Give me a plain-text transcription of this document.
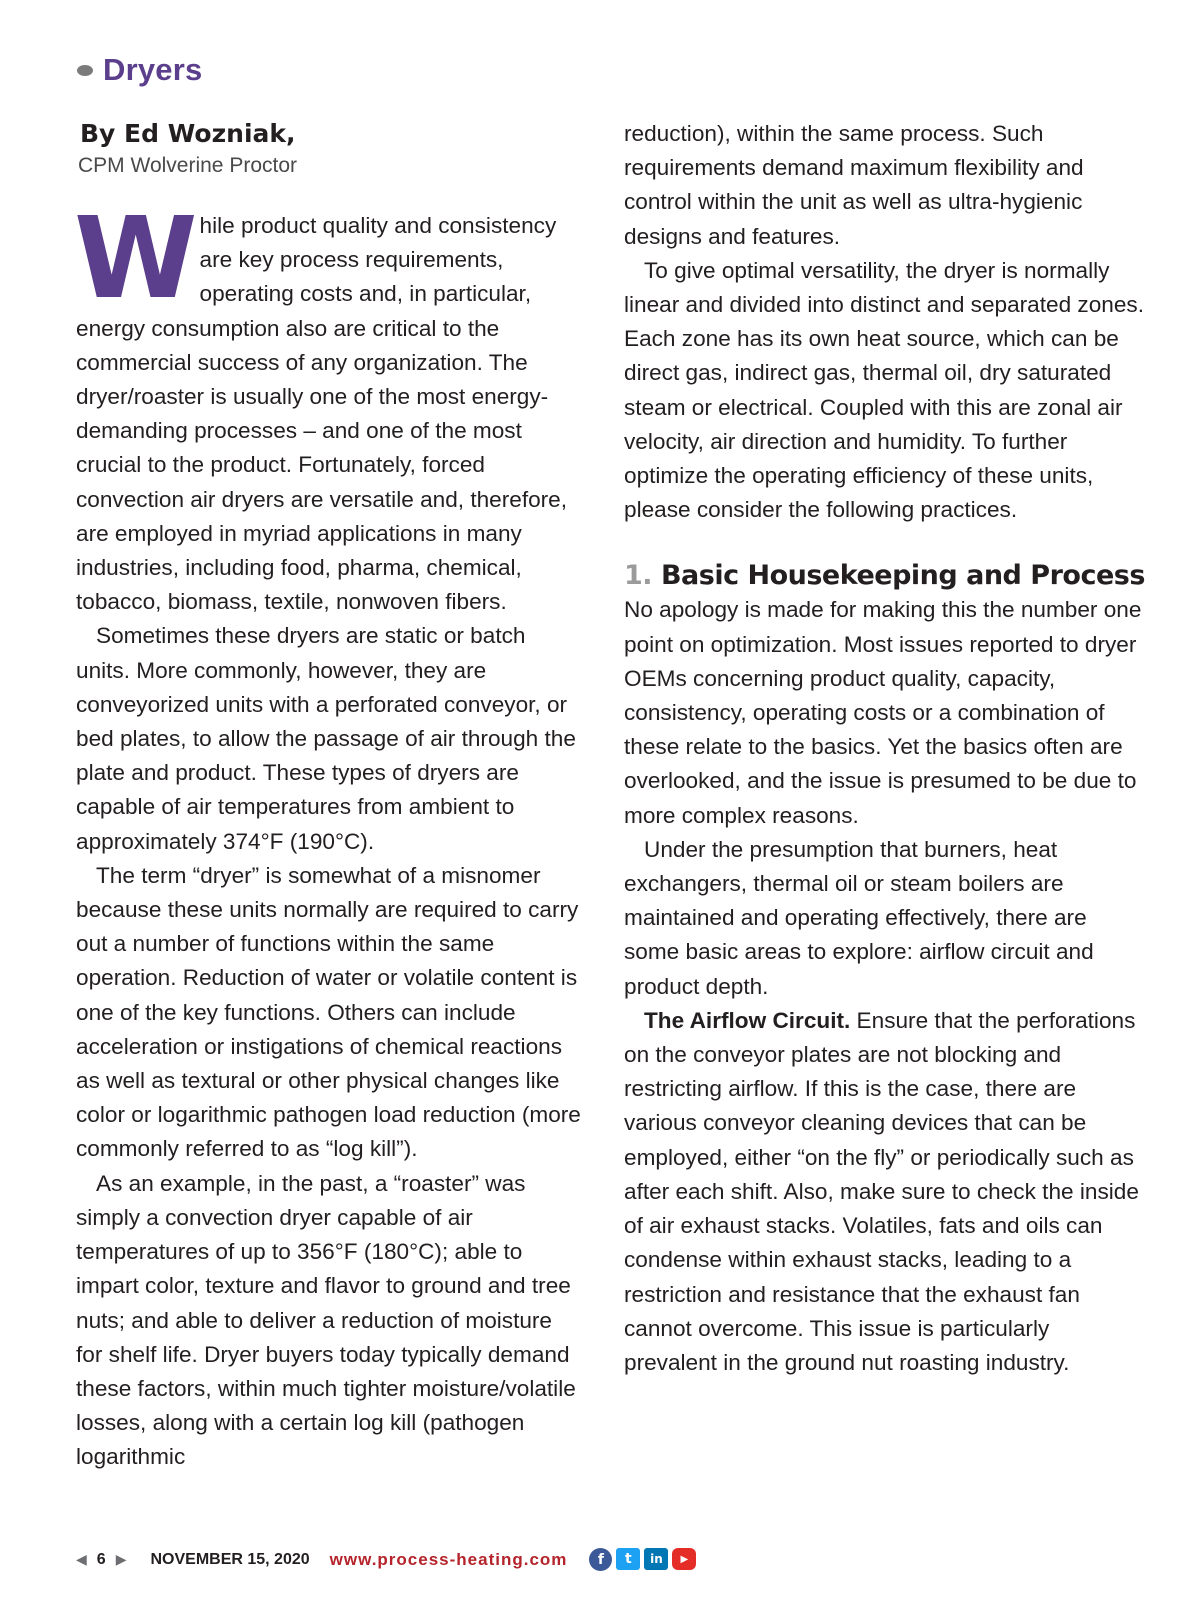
Dryers
By Ed Wozniak,
CPM Wolverine Proctor

While product quality and consistency are key process requirements, operating costs and, in particular, energy consumption also are critical to the commercial success of any organization. The dryer/roaster is usually one of the most energy-demanding processes – and one of the most crucial to the product. Fortunately, forced convection air dryers are versatile and, therefore, are employed in myriad applications in many industries, including food, pharma, chemical, tobacco, biomass, textile, nonwoven fibers.

Sometimes these dryers are static or batch units. More commonly, however, they are conveyorized units with a perforated conveyor, or bed plates, to allow the passage of air through the plate and product. These types of dryers are capable of air temperatures from ambient to approximately 374°F (190°C).

The term “dryer” is somewhat of a misnomer because these units normally are required to carry out a number of functions within the same operation. Reduction of water or volatile content is one of the key functions. Others can include acceleration or instigations of chemical reactions as well as textural or other physical changes like color or logarithmic pathogen load reduction (more commonly referred to as “log kill”).

As an example, in the past, a “roaster” was simply a convection dryer capable of air temperatures of up to 356°F (180°C); able to impart color, texture and flavor to ground and tree nuts; and able to deliver a reduction of moisture for shelf life. Dryer buyers today typically demand these factors, within much tighter moisture/volatile losses, along with a certain log kill (pathogen logarithmic

reduction), within the same process. Such requirements demand maximum flexibility and control within the unit as well as ultra-hygienic designs and features.

To give optimal versatility, the dryer is normally linear and divided into distinct and separated zones. Each zone has its own heat source, which can be direct gas, indirect gas, thermal oil, dry saturated steam or electrical. Coupled with this are zonal air velocity, air direction and humidity. To further optimize the operating efficiency of these units, please consider the following practices.

1. Basic Housekeeping and Process

No apology is made for making this the number one point on optimization. Most issues reported to dryer OEMs concerning product quality, capacity, consistency, operating costs or a combination of these relate to the basics. Yet the basics often are overlooked, and the issue is presumed to be due to more complex reasons.

Under the presumption that burners, heat exchangers, thermal oil or steam boilers are maintained and operating effectively, there are some basic areas to explore: airflow circuit and product depth.

The Airflow Circuit. Ensure that the perforations on the conveyor plates are not blocking and restricting airflow. If this is the case, there are various conveyor cleaning devices that can be employed, either “on the fly” or periodically such as after each shift. Also, make sure to check the inside of air exhaust stacks. Volatiles, fats and oils can condense within exhaust stacks, leading to a restriction and resistance that the exhaust fan cannot overcome. This issue is particularly prevalent in the ground nut roasting industry.

◀ 6 ▶ NOVEMBER 15, 2020 www.process-heating.com	f	t	in	▶
